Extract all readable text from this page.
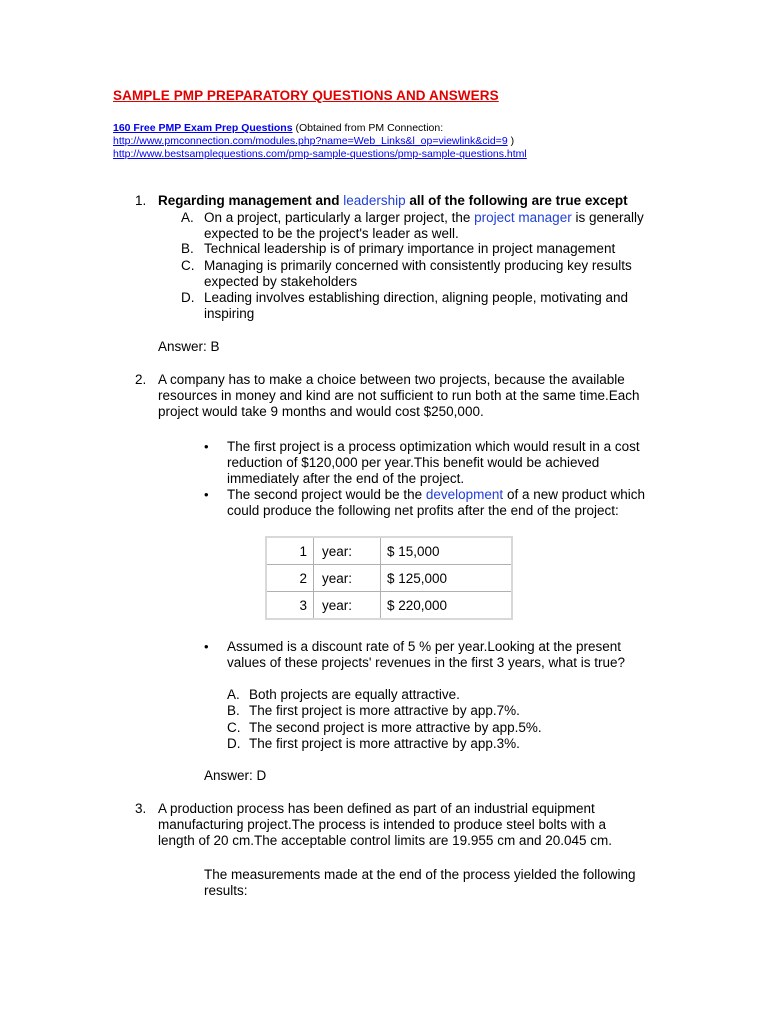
SAMPLE PMP PREPARATORY QUESTIONS AND ANSWERS
160 Free PMP Exam Prep Questions (Obtained from PM Connection:
http://www.pmconnection.com/modules.php?name=Web_Links&l_op=viewlink&cid=9 )
http://www.bestsamplequestions.com/pmp-sample-questions/pmp-sample-questions.html
1. Regarding management and leadership all of the following are true except
A. On a project, particularly a larger project, the project manager is generally
expected to be the project's leader as well.
B. Technical leadership is of primary importance in project management
C. Managing is primarily concerned with consistently producing key results
expected by stakeholders
D. Leading involves establishing direction, aligning people, motivating and
inspiring
Answer: B
2. A company has to make a choice between two projects, because the available
resources in money and kind are not sufficient to run both at the same time.Each
project would take 9 months and would cost $250,000.
• The first project is a process optimization which would result in a cost
reduction of $120,000 per year.This benefit would be achieved
immediately after the end of the project.
• The second project would be the development of a new product which
could produce the following net profits after the end of the project:
1	year:	$ 15,000
2	year:	$ 125,000
3	year:	$ 220,000
• Assumed is a discount rate of 5 % per year.Looking at the present
values of these projects' revenues in the first 3 years, what is true?
A. Both projects are equally attractive.
B. The first project is more attractive by app.7%.
C. The second project is more attractive by app.5%.
D. The first project is more attractive by app.3%.
Answer: D
3. A production process has been defined as part of an industrial equipment
manufacturing project.The process is intended to produce steel bolts with a
length of 20 cm.The acceptable control limits are 19.955 cm and 20.045 cm.
The measurements made at the end of the process yielded the following
results:
